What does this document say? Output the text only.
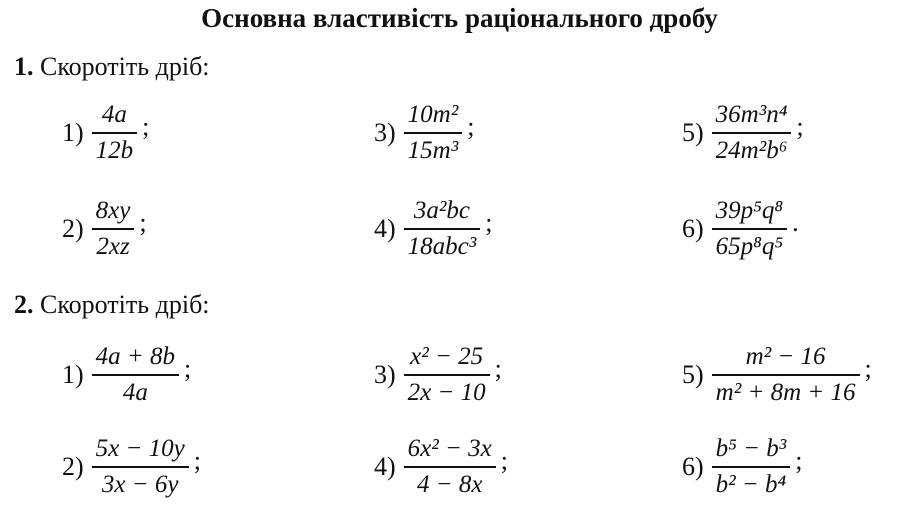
Основна властивість раціонального дробу
1. Скоротіть дріб:
$1) \frac{4a}{12b}$ ;
$2) \frac{8xy}{2xz}$ ;
$3) \frac{\text{10m²}}{\text{15m³}}$ ;
$4) \frac{\text{3a²bc}}{\text{18abc³}}$ ;
$5) \frac{\text{36m³n⁴}}{\text{24m²b⁶}}$ ;
$6) \frac{\text{39p⁵q⁸}}{\text{65p⁸q⁵}}$ .
2. Скоротіть дріб:
$1) \frac{4a + 8b}{4a}$ ;
$2) \frac{5x - 10y}{3x - 6y}$ ;
$3) \frac{\text{x² − 25}}{2x - 10}$ ;
$4) \frac{\text{6x² − 3x}}{4 - 8x}$ ;
$5) \frac{\text{m² − 16}}{\text{m² + 8m + 16}}$ ;
$6) \frac{\text{b⁵ − b³}}{\text{b² − b⁴}}$ ;
